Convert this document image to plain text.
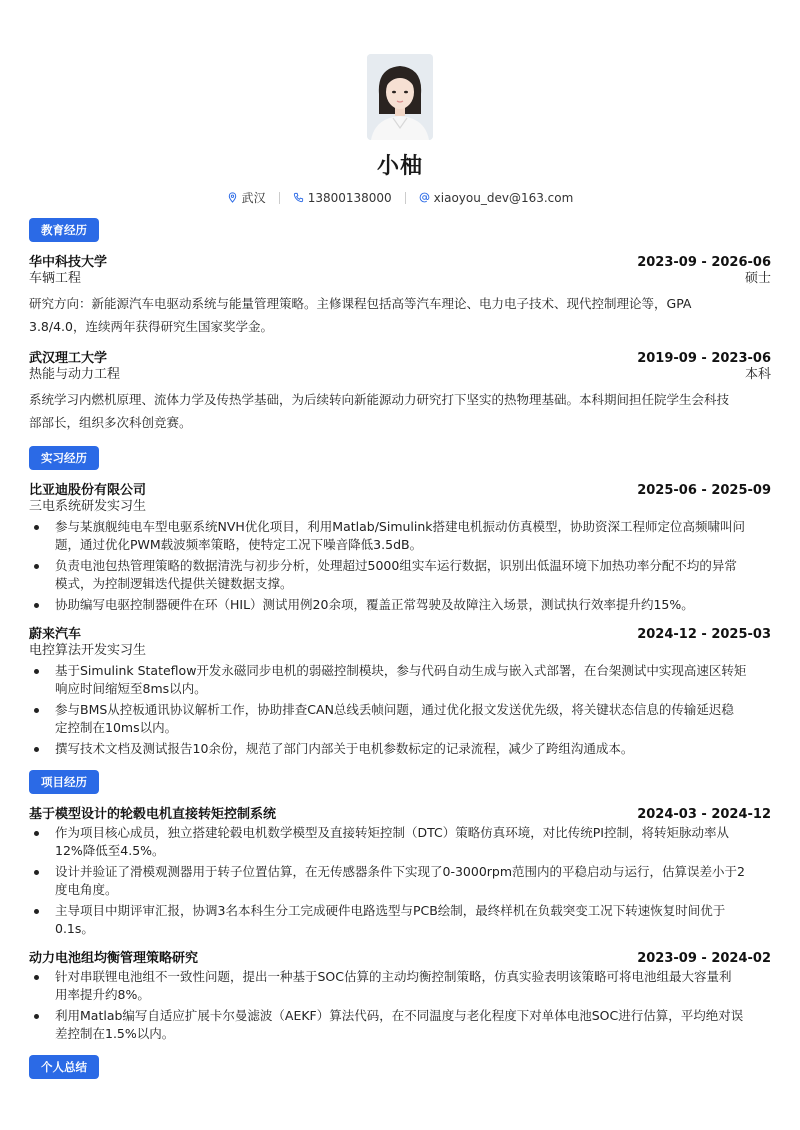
小柚
武汉	13800138000	xiaoyou_dev@163.com
教育经历
华中科技大学	2023-09 - 2026-06
车辆工程	硕士
研究方向：新能源汽车电驱动系统与能量管理策略。主修课程包括高等汽车理论、电力电子技术、现代控制理论等，GPA
3.8/4.0，连续两年获得研究生国家奖学金。
武汉理工大学	2019-09 - 2023-06
热能与动力工程	本科
系统学习内燃机原理、流体力学及传热学基础，为后续转向新能源动力研究打下坚实的热物理基础。本科期间担任院学生会科技
部部长，组织多次科创竞赛。
实习经历
比亚迪股份有限公司	2025-06 - 2025-09
三电系统研发实习生
参与某旗舰纯电车型电驱系统NVH优化项目，利用Matlab/Simulink搭建电机振动仿真模型，协助资深工程师定位高频啸叫问
题，通过优化PWM载波频率策略，使特定工况下噪音降低3.5dB。
负责电池包热管理策略的数据清洗与初步分析，处理超过5000组实车运行数据，识别出低温环境下加热功率分配不均的异常
模式，为控制逻辑迭代提供关键数据支撑。
协助编写电驱控制器硬件在环（HIL）测试用例20余项，覆盖正常驾驶及故障注入场景，测试执行效率提升约15%。
蔚来汽车	2024-12 - 2025-03
电控算法开发实习生
基于Simulink Stateflow开发永磁同步电机的弱磁控制模块，参与代码自动生成与嵌入式部署，在台架测试中实现高速区转矩
响应时间缩短至8ms以内。
参与BMS从控板通讯协议解析工作，协助排查CAN总线丢帧问题，通过优化报文发送优先级，将关键状态信息的传输延迟稳
定控制在10ms以内。
撰写技术文档及测试报告10余份，规范了部门内部关于电机参数标定的记录流程，减少了跨组沟通成本。
项目经历
基于模型设计的轮毂电机直接转矩控制系统	2024-03 - 2024-12
作为项目核心成员，独立搭建轮毂电机数学模型及直接转矩控制（DTC）策略仿真环境，对比传统PI控制，将转矩脉动率从
12%降低至4.5%。
设计并验证了滑模观测器用于转子位置估算，在无传感器条件下实现了0-3000rpm范围内的平稳启动与运行，估算误差小于2
度电角度。
主导项目中期评审汇报，协调3名本科生分工完成硬件电路选型与PCB绘制，最终样机在负载突变工况下转速恢复时间优于
0.1s。
动力电池组均衡管理策略研究	2023-09 - 2024-02
针对串联锂电池组不一致性问题，提出一种基于SOC估算的主动均衡控制策略，仿真实验表明该策略可将电池组最大容量利
用率提升约8%。
利用Matlab编写自适应扩展卡尔曼滤波（AEKF）算法代码，在不同温度与老化程度下对单体电池SOC进行估算，平均绝对误
差控制在1.5%以内。
个人总结
